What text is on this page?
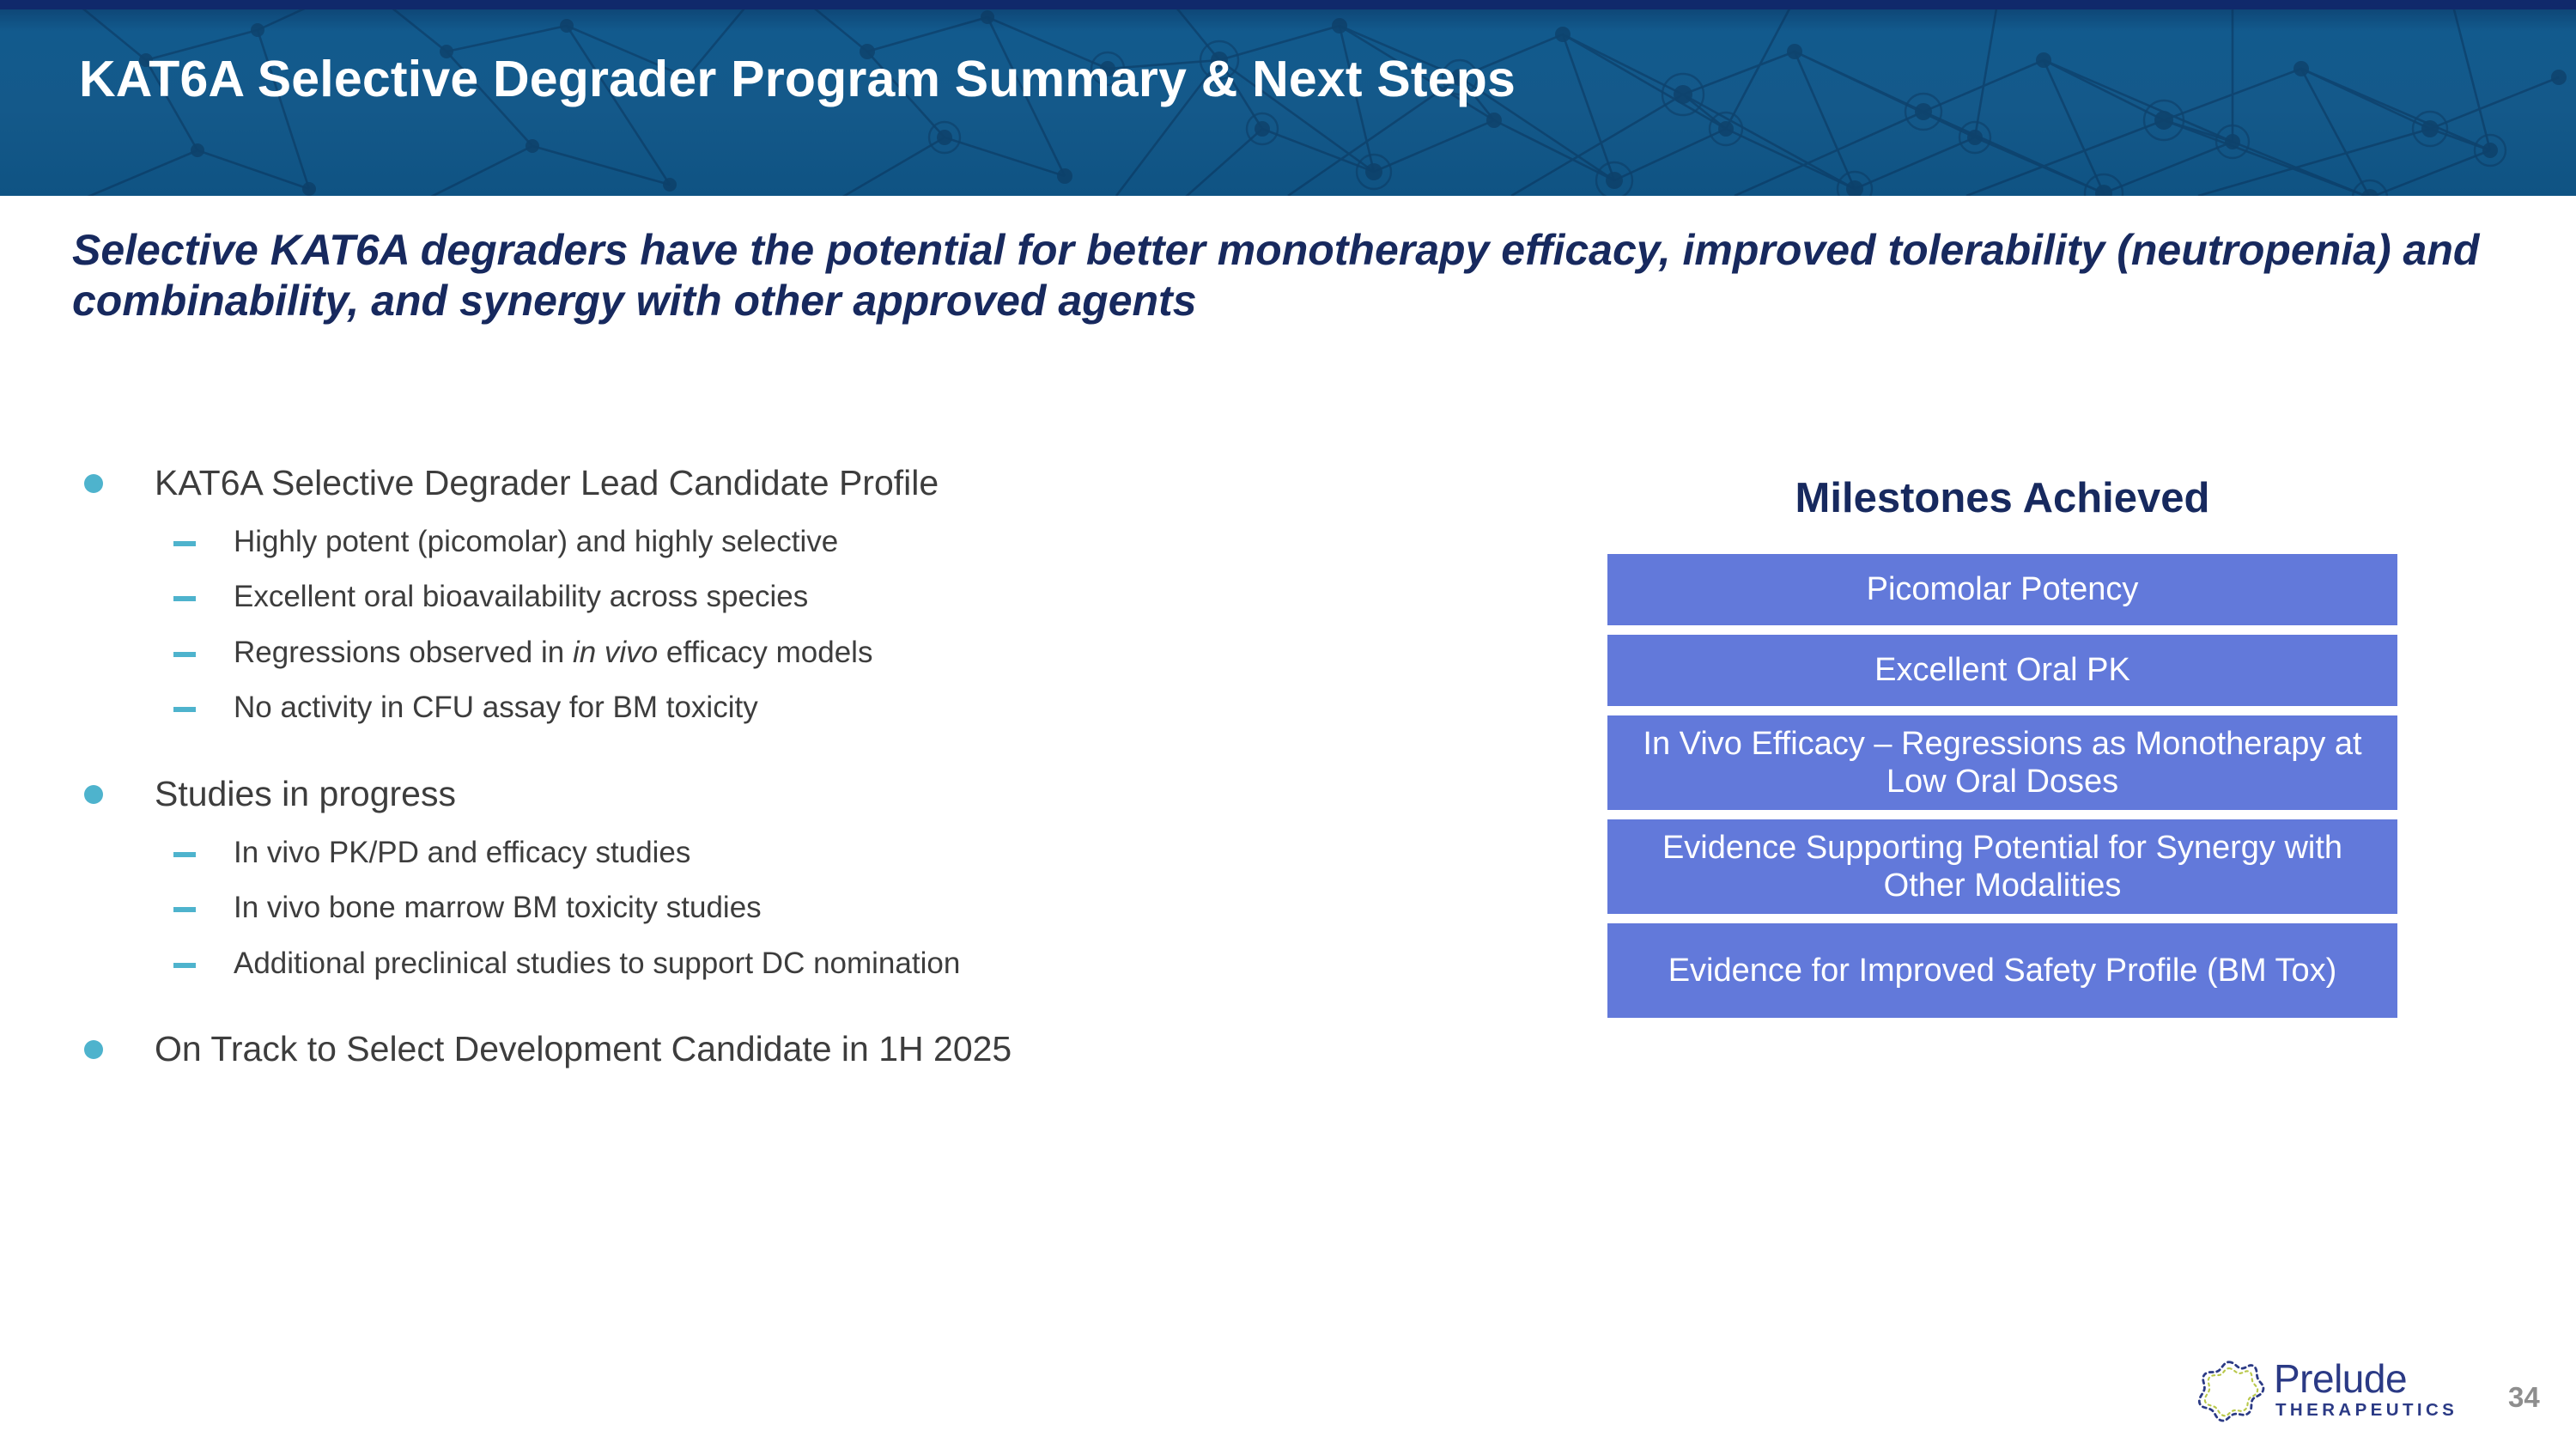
KAT6A Selective Degrader Program Summary & Next Steps
Selective KAT6A degraders have the potential for better monotherapy efficacy, improved tolerability (neutropenia) and combinability, and synergy with other approved agents
KAT6A Selective Degrader Lead Candidate Profile
Highly potent (picomolar) and highly selective
Excellent oral bioavailability across species
Regressions observed in in vivo efficacy models
No activity in CFU assay for BM toxicity
Studies in progress
In vivo PK/PD and efficacy studies
In vivo bone marrow BM toxicity studies
Additional preclinical studies to support DC nomination
On Track to Select Development Candidate in 1H 2025
Milestones Achieved
Picomolar Potency
Excellent Oral PK
In Vivo Efficacy – Regressions as Monotherapy at Low Oral Doses
Evidence Supporting Potential for Synergy with Other Modalities
Evidence for Improved Safety Profile (BM Tox)
Prelude
THERAPEUTICS 34
